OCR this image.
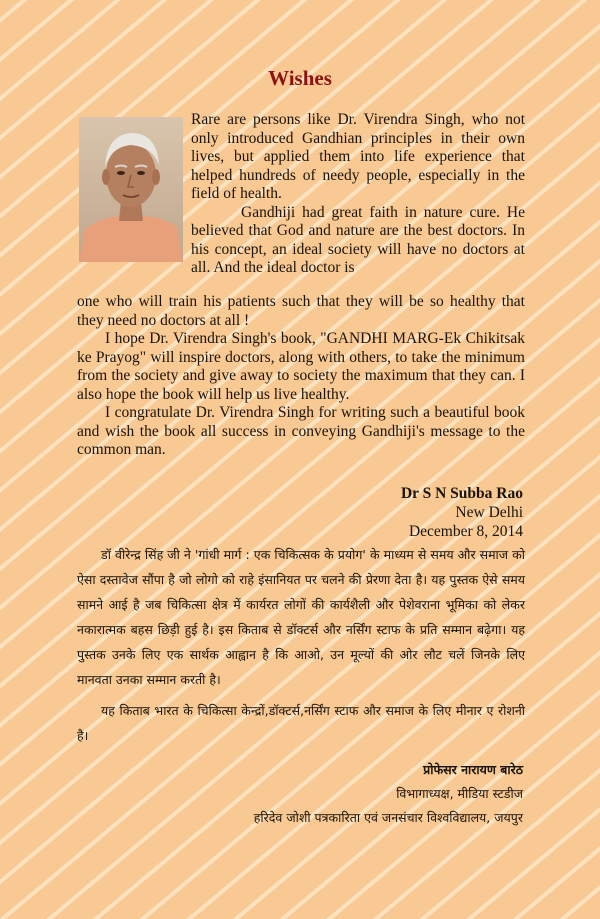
Wishes

Rare are persons like Dr. Virendra Singh, who not only introduced Gandhian principles in their own lives, but applied them into life experience that helped hundreds of needy people, especially in the field of health.

Gandhiji had great faith in nature cure. He believed that God and nature are the best doctors. In his concept, an ideal society will have no doctors at all. And the ideal doctor is

one who will train his patients such that they will be so healthy that they need no doctors at all !

I hope Dr. Virendra Singh's book, "GANDHI MARG-Ek Chikitsak ke Prayog" will inspire doctors, along with others, to take the minimum from the society and give away to society the maximum that they can. I also hope the book will help us live healthy.

I congratulate Dr. Virendra Singh for writing such a beautiful book and wish the book all success in conveying Gandhiji's message to the common man.

Dr S N Subba Rao
New Delhi
December 8, 2014

डॉ वीरेन्द्र सिंह जी ने 'गांधी मार्ग : एक चिकित्सक के प्रयोग' के माध्यम से समय और समाज को ऐसा दस्तावेज सौंपा है जो लोगो को राहे इंसानियत पर चलने की प्रेरणा देता है। यह पुस्तक ऐसे समय सामने आई है जब चिकित्सा क्षेत्र में कार्यरत लोगों की कार्यशैली और पेशेवराना भूमिका को लेकर नकारात्मक बहस छिड़ी हुई है। इस किताब से डॉक्टर्स और नर्सिंग स्टाफ के प्रति सम्मान बढ़ेगा। यह पुस्तक उनके लिए एक सार्थक आह्वान है कि आओ, उन मूल्यों की ओर लौट चलें जिनके लिए मानवता उनका सम्मान करती है।

यह किताब भारत के चिकित्सा केन्द्रों,डॉक्टर्स,नर्सिंग स्टाफ और समाज के लिए मीनार ए रोशनी है।

प्रोफेसर नारायण बारेठ
विभागाध्यक्ष, मीडिया स्टडीज
हरिदेव जोशी पत्रकारिता एवं जनसंचार विश्वविद्यालय, जयपुर
